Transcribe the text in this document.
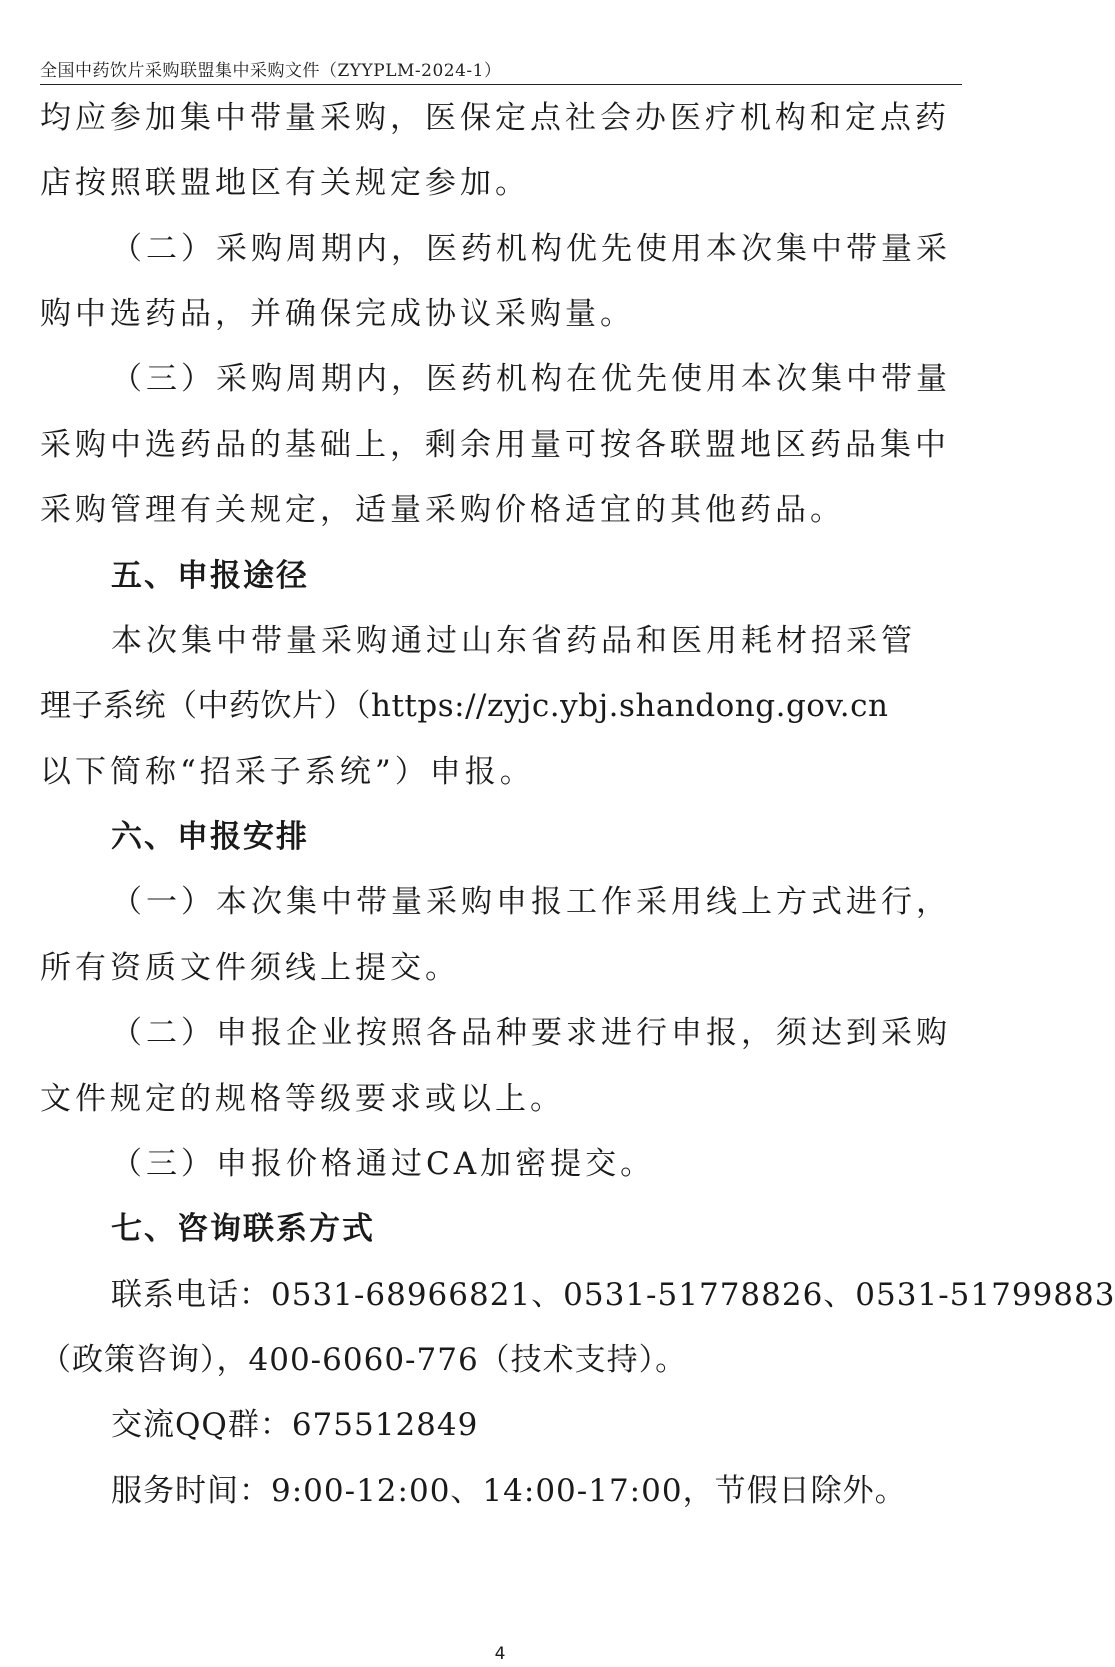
全国中药饮片采购联盟集中采购文件（ZYYPLM-2024-1）
均应参加集中带量采购，医保定点社会办医疗机构和定点药
店按照联盟地区有关规定参加。
（二）采购周期内，医药机构优先使用本次集中带量采
购中选药品，并确保完成协议采购量。
（三）采购周期内，医药机构在优先使用本次集中带量
采购中选药品的基础上，剩余用量可按各联盟地区药品集中
采购管理有关规定，适量采购价格适宜的其他药品。
五、申报途径
本次集中带量采购通过山东省药品和医用耗材招采管
理子系统（中药饮片）（https://zyjc.ybj.shandong.gov.cn
以下简称“招采子系统”）申报。
六、申报安排
（一）本次集中带量采购申报工作采用线上方式进行，
所有资质文件须线上提交。
（二）申报企业按照各品种要求进行申报，须达到采购
文件规定的规格等级要求或以上。
（三）申报价格通过CA加密提交。
七、咨询联系方式
联系电话：0531-68966821、0531-51778826、0531-51799883
（政策咨询），400-6060-776（技术支持）。
交流QQ群：675512849
服务时间：9:00-12:00、14:00-17:00，节假日除外。
4
